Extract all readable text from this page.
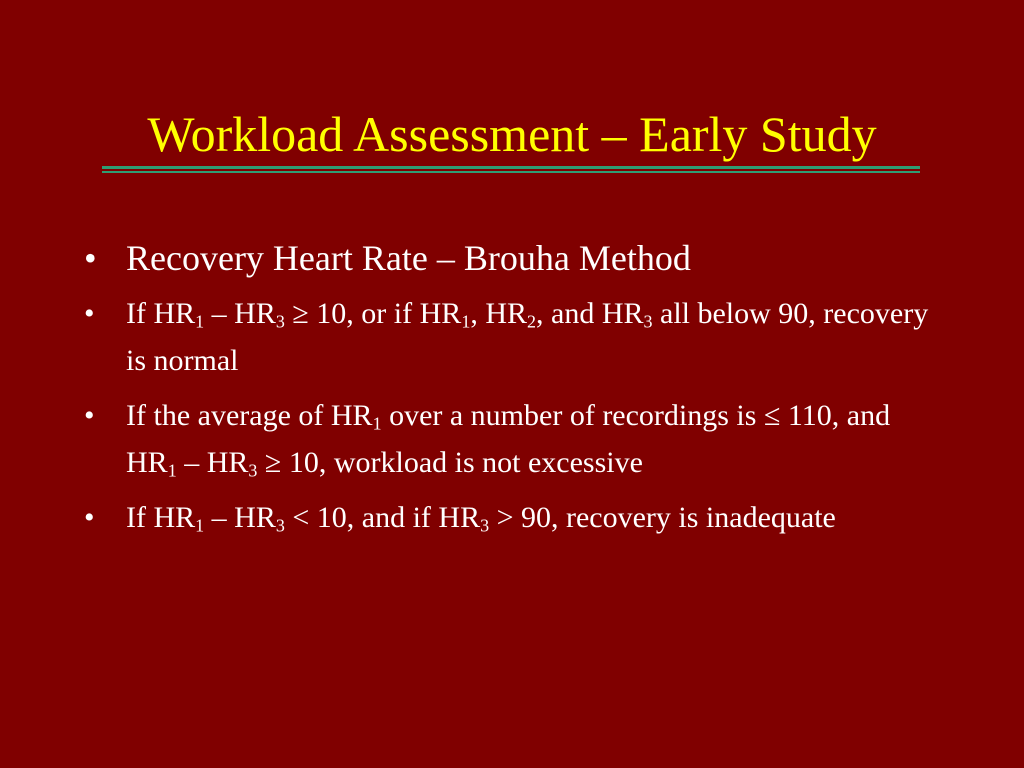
Workload Assessment – Early Study
• Recovery Heart Rate – Brouha Method
• If $HR_1 - HR_3 \ge 10$, or if $HR_1$, $HR_2$, and $HR_3$ all below 90, recovery is normal
• If the average of $HR_1$ over a number of recordings is ≤ 110, and $HR_1 - HR_3 \ge 10$, workload is not excessive
• If $HR_1 - HR_3 < 10$, and if $HR_3 > 90$, recovery is inadequate
